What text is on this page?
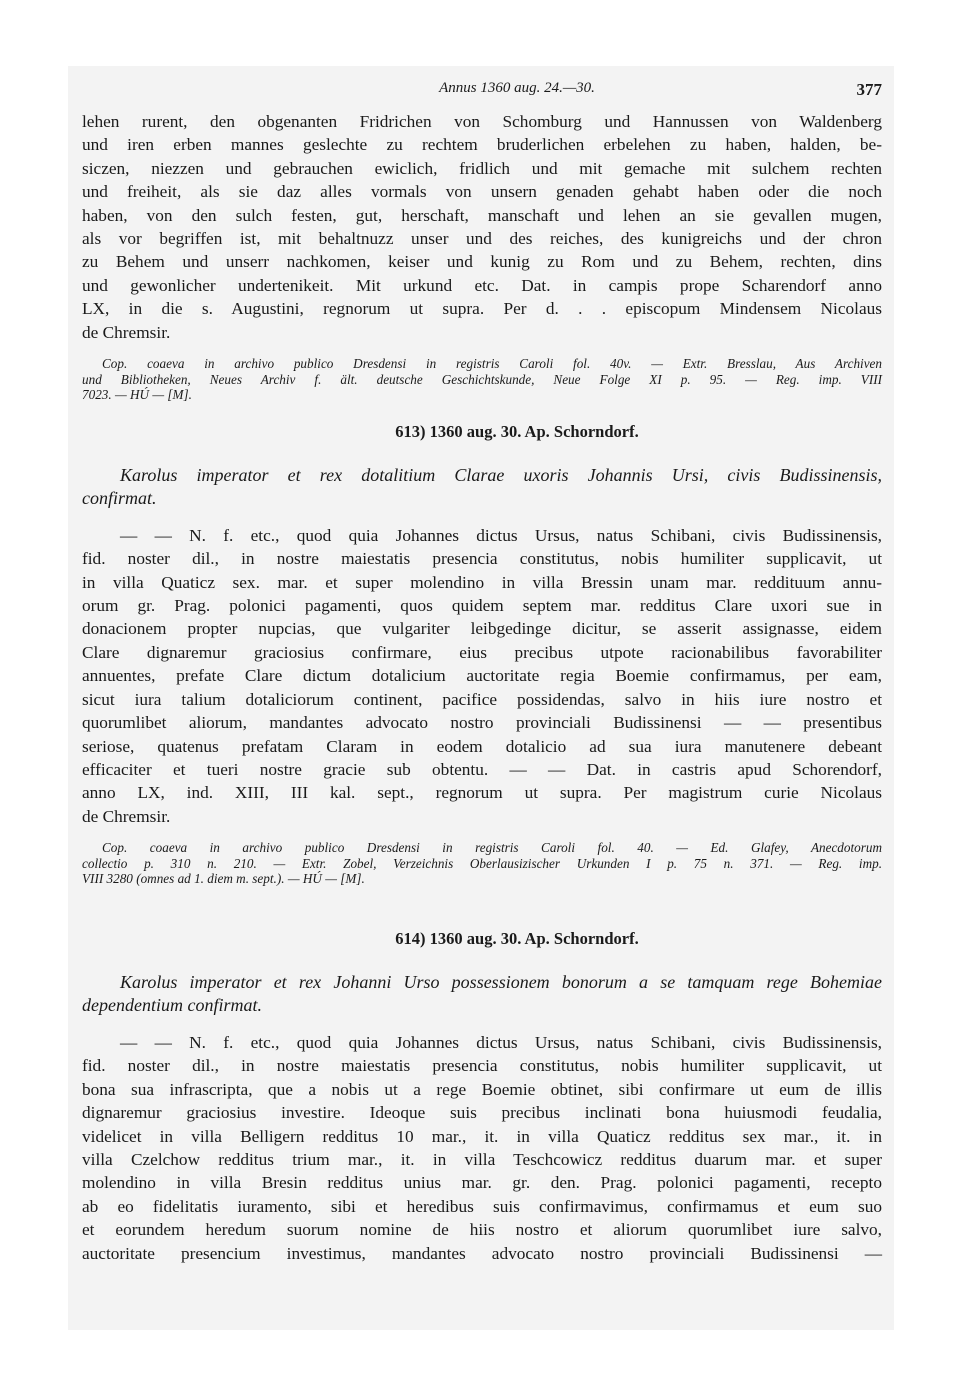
Annus 1360 aug. 24.—30.	377
lehen rurent, den obgenanten Fridrichen von Schomburg und Hannussen von Waldenberg
und iren erben mannes geslechte zu rechtem bruderlichen erbelehen zu haben, halden, be-
siczen, niezzen und gebrauchen ewiclich, fridlich und mit gemache mit sulchem rechten
und freiheit, als sie daz alles vormals von unsern genaden gehabt haben oder die noch
haben, von den sulch festen, gut, herschaft, manschaft und lehen an sie gevallen mugen,
als vor begriffen ist, mit behaltnuzz unser und des reiches, des kunigreichs und der chron
zu Behem und unserr nachkomen, keiser und kunig zu Rom und zu Behem, rechten, dins
und gewonlicher undertenikeit. Mit urkund etc. Dat. in campis prope Scharendorf anno
LX, in die s. Augustini, regnorum ut supra. Per d. . . episcopum Mindensem Nicolaus
de Chremsir.
Cop. coaeva in archivo publico Dresdensi in registris Caroli fol. 40v. — Extr. Bresslau, Aus Archiven
und Bibliotheken, Neues Archiv f. ält. deutsche Geschichtskunde, Neue Folge XI p. 95. — Reg. imp. VIII
7023. — HÚ — [M].
613) 1360 aug. 30. Ap. Schorndorf.
Karolus imperator et rex dotalitium Clarae uxoris Johannis Ursi, civis Budissinensis,
confirmat.
— — N. f. etc., quod quia Johannes dictus Ursus, natus Schibani, civis Budissinensis,
fid. noster dil., in nostre maiestatis presencia constitutus, nobis humiliter supplicavit, ut
in villa Quaticz sex. mar. et super molendino in villa Bressin unam mar. reddituum annu-
orum gr. Prag. polonici pagamenti, quos quidem septem mar. redditus Clare uxori sue in
donacionem propter nupcias, que vulgariter leibgedinge dicitur, se asserit assignasse, eidem
Clare dignaremur graciosius confirmare, eius precibus utpote racionabilibus favorabiliter
annuentes, prefate Clare dictum dotalicium auctoritate regia Boemie confirmamus, per eam,
sicut iura talium dotaliciorum continent, pacifice possidendas, salvo in hiis iure nostro et
quorumlibet aliorum, mandantes advocato nostro provinciali Budissinensi — — presentibus
seriose, quatenus prefatam Claram in eodem dotalicio ad sua iura manutenere debeant
efficaciter et tueri nostre gracie sub obtentu. — — Dat. in castris apud Schorendorf,
anno LX, ind. XIII, III kal. sept., regnorum ut supra. Per magistrum curie Nicolaus
de Chremsir.
Cop. coaeva in archivo publico Dresdensi in registris Caroli fol. 40. — Ed. Glafey, Anecdotorum
collectio p. 310 n. 210. — Extr. Zobel, Verzeichnis Oberlausizischer Urkunden I p. 75 n. 371. — Reg. imp.
VIII 3280 (omnes ad 1. diem m. sept.). — HÚ — [M].
614) 1360 aug. 30. Ap. Schorndorf.
Karolus imperator et rex Johanni Urso possessionem bonorum a se tamquam rege Bohemiae
dependentium confirmat.
— — N. f. etc., quod quia Johannes dictus Ursus, natus Schibani, civis Budissinensis,
fid. noster dil., in nostre maiestatis presencia constitutus, nobis humiliter supplicavit, ut
bona sua infrascripta, que a nobis ut a rege Boemie obtinet, sibi confirmare ut eum de illis
dignaremur graciosius investire. Ideoque suis precibus inclinati bona huiusmodi feudalia,
videlicet in villa Belligern redditus 10 mar., it. in villa Quaticz redditus sex mar., it. in
villa Czelchow redditus trium mar., it. in villa Teschcowicz redditus duarum mar. et super
molendino in villa Bresin redditus unius mar. gr. den. Prag. polonici pagamenti, recepto
ab eo fidelitatis iuramento, sibi et heredibus suis confirmavimus, confirmamus et eum suo
et eorundem heredum suorum nomine de hiis nostro et aliorum quorumlibet iure salvo,
auctoritate presencium investimus, mandantes advocato nostro provinciali Budissinensi —
